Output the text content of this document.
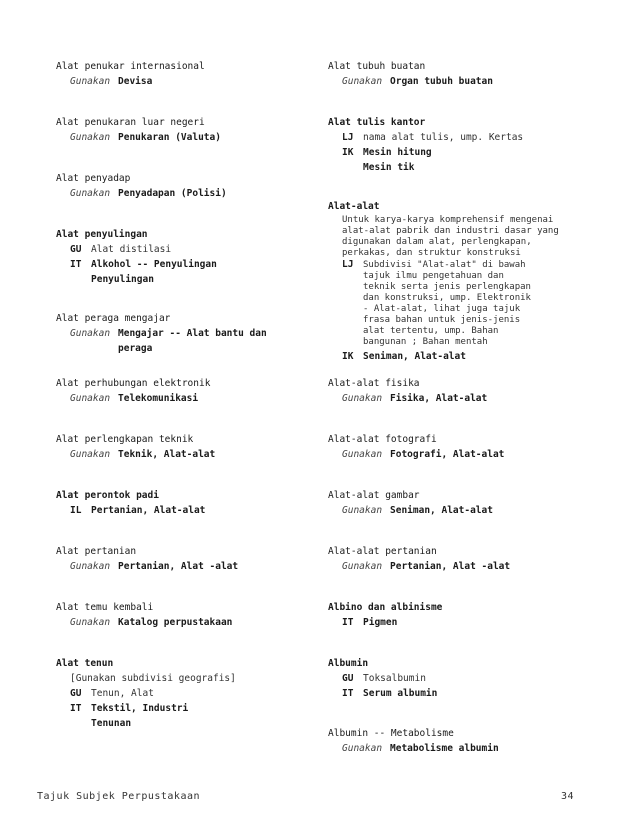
Alat penukar internasional
Gunakan Devisa
Alat penukaran luar negeri
Gunakan Penukaran (Valuta)
Alat penyadap
Gunakan Penyadapan (Polisi)
Alat penyulingan
GU Alat distilasi
IT Alkohol -- Penyulingan
Penyulingan
Alat peraga mengajar
Gunakan Mengajar -- Alat bantu dan
peraga
Alat perhubungan elektronik
Gunakan Telekomunikasi
Alat perlengkapan teknik
Gunakan Teknik, Alat-alat
Alat perontok padi
IL Pertanian, Alat-alat
Alat pertanian
Gunakan Pertanian, Alat -alat
Alat temu kembali
Gunakan Katalog perpustakaan
Alat tenun
[Gunakan subdivisi geografis]
GU Tenun, Alat
IT Tekstil, Industri
Tenunan
Alat tubuh buatan
Gunakan Organ tubuh buatan
Alat tulis kantor
LJ nama alat tulis, ump. Kertas
IK Mesin hitung
Mesin tik
Alat-alat
Untuk karya-karya komprehensif mengenai
alat-alat pabrik dan industri dasar yang
digunakan dalam alat, perlengkapan,
perkakas, dan struktur konstruksi
LJ Subdivisi "Alat-alat" di bawah
tajuk ilmu pengetahuan dan
teknik serta jenis perlengkapan
dan konstruksi, ump. Elektronik
- Alat-alat, lihat juga tajuk
frasa bahan untuk jenis-jenis
alat tertentu, ump. Bahan
bangunan ; Bahan mentah
IK Seniman, Alat-alat
Alat-alat fisika
Gunakan Fisika, Alat-alat
Alat-alat fotografi
Gunakan Fotografi, Alat-alat
Alat-alat gambar
Gunakan Seniman, Alat-alat
Alat-alat pertanian
Gunakan Pertanian, Alat -alat
Albino dan albinisme
IT Pigmen
Albumin
GU Toksalbumin
IT Serum albumin
Albumin -- Metabolisme
Gunakan Metabolisme albumin
Tajuk Subjek Perpustakaan	34
